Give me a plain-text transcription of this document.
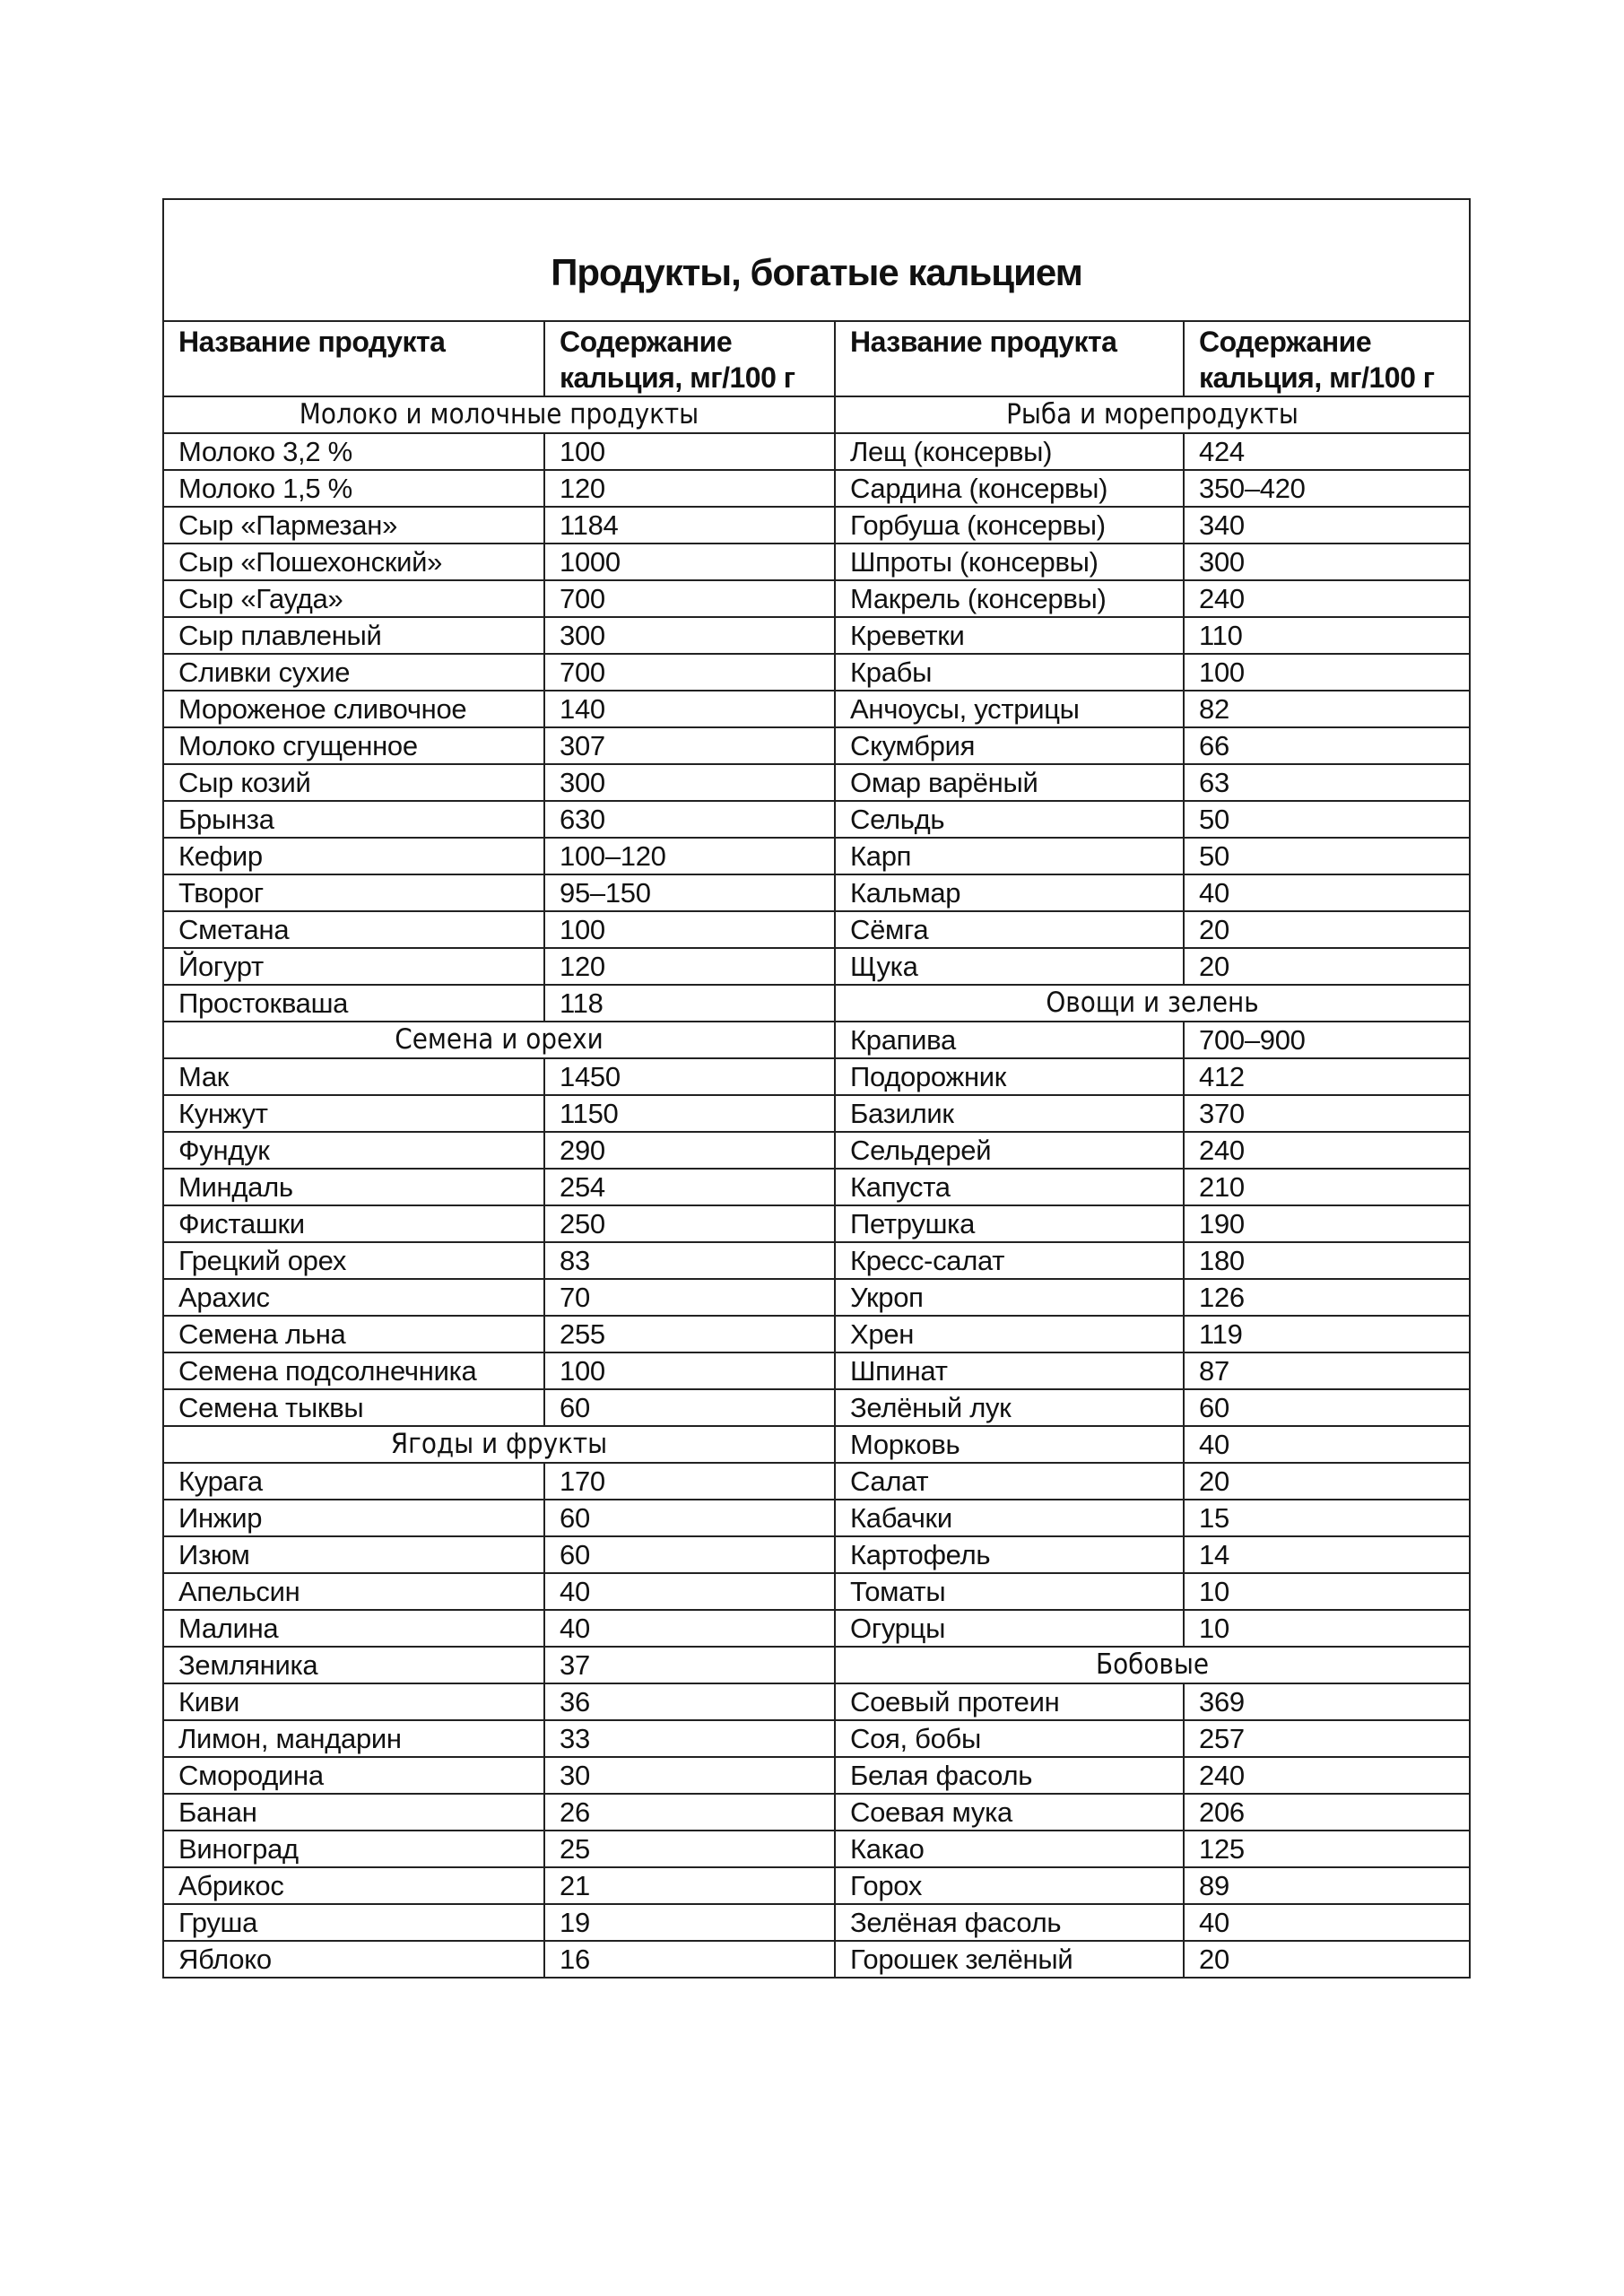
Продукты, богатые кальцием			
Название продукта	Содержание кальция, мг/100 г	Название продукта	Содержание кальция, мг/100 г
Молоко и молочные продукты		Рыба и морепродукты	
Молоко 3,2 %	100	Лещ (консервы)	424
Молоко 1,5 %	120	Сардина (консервы)	350–420
Сыр «Пармезан»	1184	Горбуша (консервы)	340
Сыр «Пошехонский»	1000	Шпроты (консервы)	300
Сыр «Гауда»	700	Макрель (консервы)	240
Сыр плавленый	300	Креветки	110
Сливки сухие	700	Крабы	100
Мороженое сливочное	140	Анчоусы, устрицы	82
Молоко сгущенное	307	Скумбрия	66
Сыр козий	300	Омар варёный	63
Брынза	630	Сельдь	50
Кефир	100–120	Карп	50
Творог	95–150	Кальмар	40
Сметана	100	Сёмга	20
Йогурт	120	Щука	20
Простокваша	118	Овощи и зелень	
Семена и орехи		Крапива	700–900
Мак	1450	Подорожник	412
Кунжут	1150	Базилик	370
Фундук	290	Сельдерей	240
Миндаль	254	Капуста	210
Фисташки	250	Петрушка	190
Грецкий орех	83	Кресс-салат	180
Арахис	70	Укроп	126
Семена льна	255	Хрен	119
Семена подсолнечника	100	Шпинат	87
Семена тыквы	60	Зелёный лук	60
Ягоды и фрукты		Морковь	40
Курага	170	Салат	20
Инжир	60	Кабачки	15
Изюм	60	Картофель	14
Апельсин	40	Томаты	10
Малина	40	Огурцы	10
Земляника	37	Бобовые	
Киви	36	Соевый протеин	369
Лимон, мандарин	33	Соя, бобы	257
Смородина	30	Белая фасоль	240
Банан	26	Соевая мука	206
Виноград	25	Какао	125
Абрикос	21	Горох	89
Груша	19	Зелёная фасоль	40
Яблоко	16	Горошек зелёный	20
